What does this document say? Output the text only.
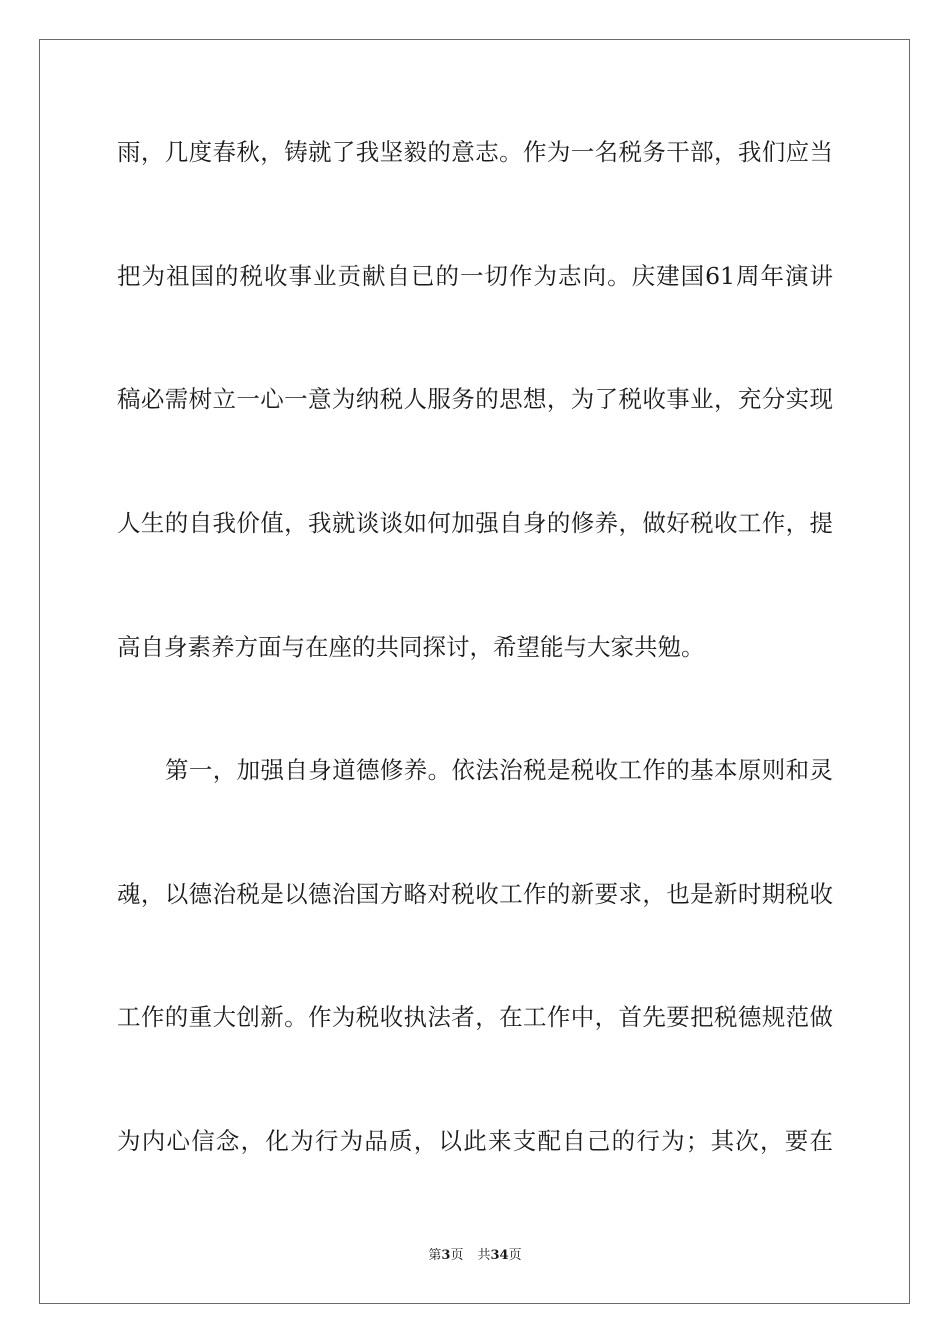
雨，几度春秋，铸就了我坚毅的意志。作为一名税务干部，我们应当
把为祖国的税收事业贡献自已的一切作为志向。庆建国61周年演讲
稿必需树立一心一意为纳税人服务的思想，为了税收事业，充分实现
人生的自我价值，我就谈谈如何加强自身的修养，做好税收工作，提
高自身素养方面与在座的共同探讨，希望能与大家共勉。
第一，加强自身道德修养。依法治税是税收工作的基本原则和灵
魂，以德治税是以德治国方略对税收工作的新要求，也是新时期税收
工作的重大创新。作为税收执法者，在工作中，首先要把税德规范做
为内心信念，化为行为品质，以此来支配自己的行为；其次，要在
第3页 共34页
